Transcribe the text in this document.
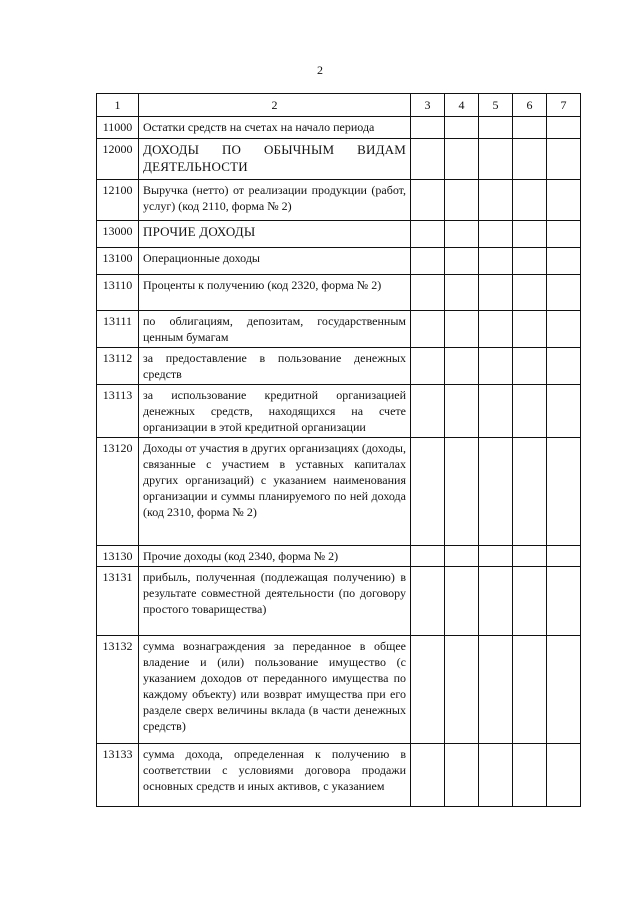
2
1	2	3	4	5	6	7
11000	Остатки средств на счетах на начало периода					
12000	ДОХОДЫ ПО ОБЫЧНЫМ ВИДАМ ДЕЯТЕЛЬНОСТИ					
12100	Выручка (нетто) от реализации продукции (работ, услуг) (код 2110, форма № 2)					
13000	ПРОЧИЕ ДОХОДЫ					
13100	Операционные доходы					
13110	Проценты к получению (код 2320, форма № 2)					
13111	по облигациям, депозитам, государственным ценным бумагам					
13112	за предоставление в пользование денежных средств					
13113	за использование кредитной организацией денежных средств, находящихся на счете организации в этой кредитной организации					
13120	Доходы от участия в других организациях (доходы, связанные с участием в уставных капиталах других организаций) с указанием наименования организации и суммы планируемого по ней дохода (код 2310, форма № 2)					
13130	Прочие доходы (код 2340, форма № 2)					
13131	прибыль, полученная (подлежащая получению) в результате совместной деятельности (по договору простого товарищества)					
13132	сумма вознаграждения за переданное в общее владение и (или) пользование имущество (с указанием доходов от переданного имущества по каждому объекту) или возврат имущества при его разделе сверх величины вклада (в части денежных средств)					
13133	сумма дохода, определенная к получению в соответствии с условиями договора продажи основных средств и иных активов, с указанием					
